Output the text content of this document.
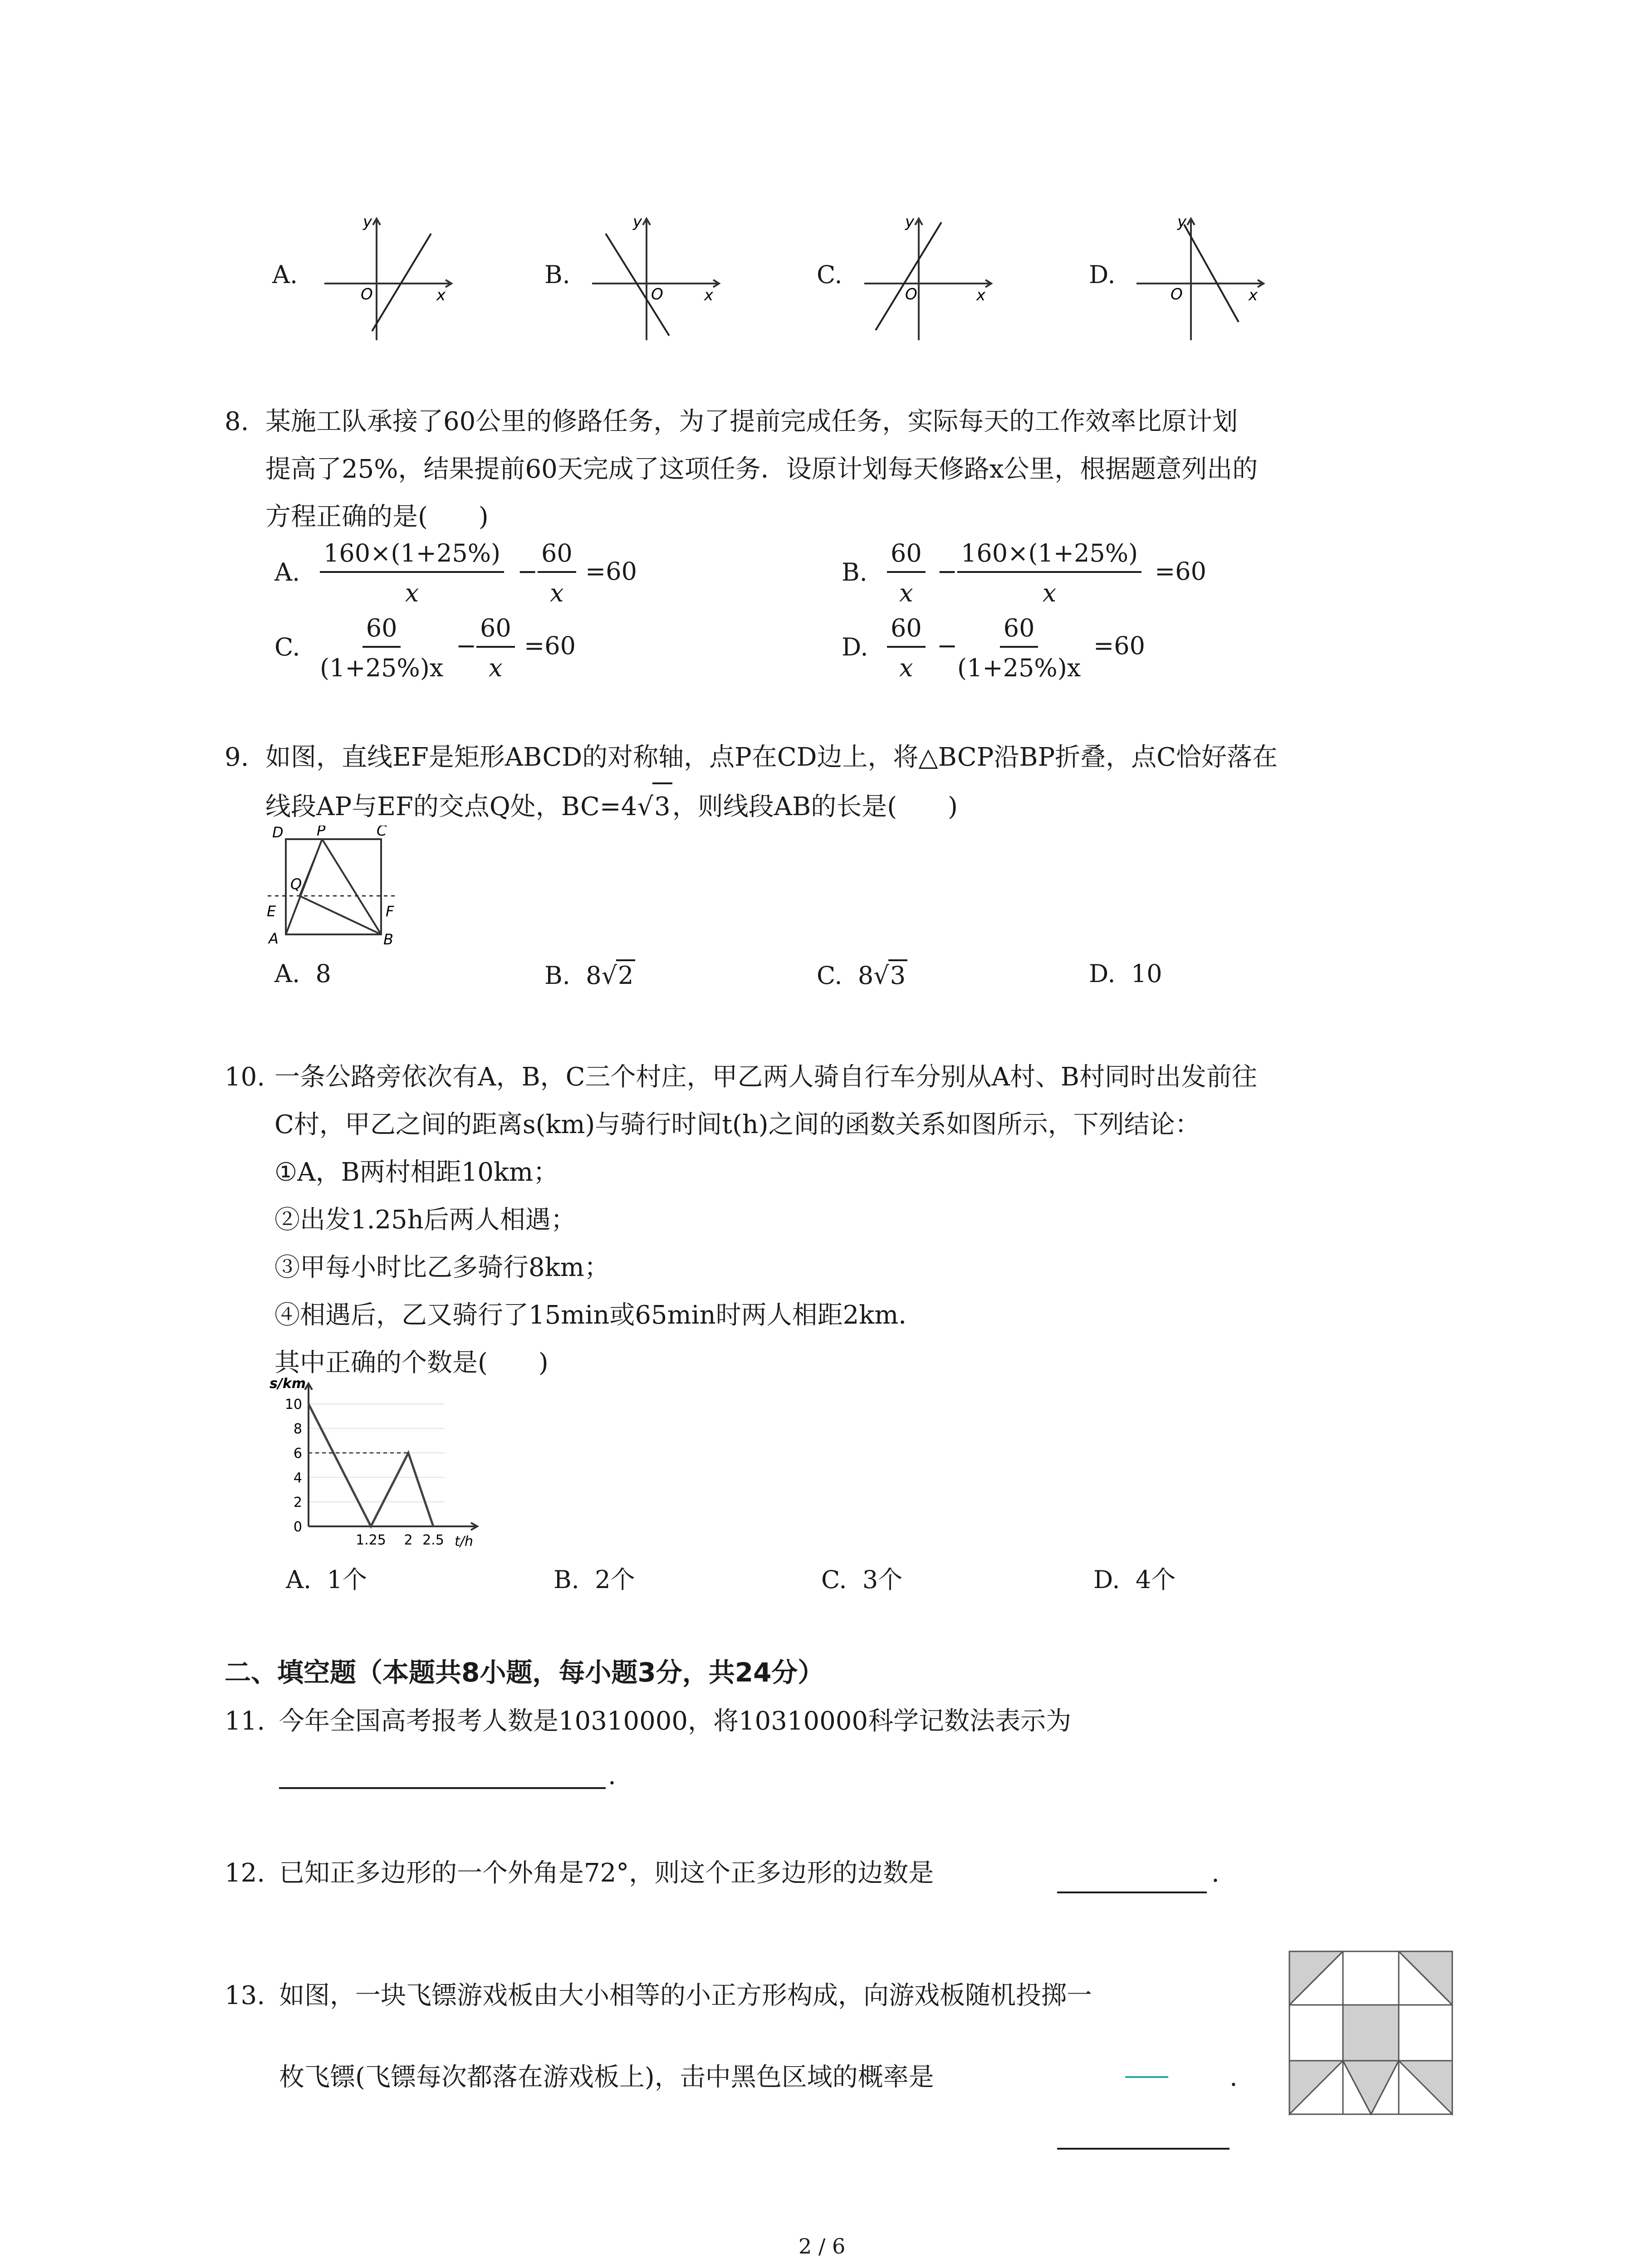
A.
y
O	x
B.
y
O	x
C.
y
O	x
D.
y
O	x
8. 某施工队承接了60公里的修路任务，为了提前完成任务，实际每天的工作效率比原计划
提高了25%，结果提前60天完成了这项任务．设原计划每天修路x公里，根据题意列出的
方程正确的是(　　)
A. $\frac{160\times(1+25\%)}{x} - \frac{60}{x} =60$	B. $\frac{60}{x} - \frac{160\times(1+25\%)}{x} =60$
C. $\frac{60}{(1+25\%)x} - \frac{60}{x} =60$	D. $\frac{60}{x} - \frac{60}{(1+25\%)x} =60$
9. 如图，直线EF是矩形ABCD的对称轴，点P在CD边上，将△BCP沿BP折叠，点C恰好落在
线段AP与EF的交点Q处，BC=4√3，则线段AB的长是(　　)
D P	C
Q
E	F
A	B
A. 8	B. 8√2	C. 8√3	D. 10
10. 一条公路旁依次有A，B，C三个村庄，甲乙两人骑自行车分别从A村、B村同时出发前往
C村，甲乙之间的距离s(km)与骑行时间t(h)之间的函数关系如图所示，下列结论：
①A，B两村相距10km；
②出发1.25h后两人相遇；
③甲每小时比乙多骑行8km；
④相遇后，乙又骑行了15min或65min时两人相距2km．
其中正确的个数是(　　)
s/km
t/h
0
2
4
6
8
10
1.25 2 2.5
A. 1个	B. 2个	C. 3个	D. 4个
二、填空题（本题共8小题，每小题3分，共24分）
11. 今年全国高考报考人数是10310000，将10310000科学记数法表示为
.
12. 已知正多边形的一个外角是72°，则这个正多边形的边数是	.
13. 如图，一块飞镖游戏板由大小相等的小正方形构成，向游戏板随机投掷一
枚飞镖(飞镖每次都落在游戏板上)，击中黑色区域的概率是	.
2 / 6
